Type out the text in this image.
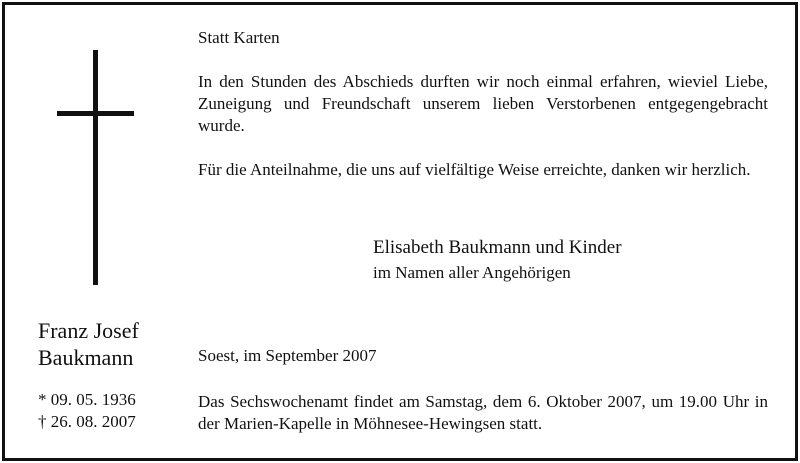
Statt Karten

In den Stunden des Abschieds durften wir noch einmal erfahren, wieviel Liebe, Zuneigung und Freundschaft unserem lieben Verstorbenen entgegengebracht wurde.

Für die Anteilnahme, die uns auf vielfältige Weise erreichte, danken wir herzlich.

Elisabeth Baukmann und Kinder

im Namen aller Angehörigen

Franz Josef
Baukmann
* 09. 05. 1936
† 26. 08. 2007

Soest, im September 2007

Das Sechswochenamt findet am Samstag, dem 6. Oktober 2007, um 19.00 Uhr in der Marien-Kapelle in Möhnesee-Hewingsen statt.
